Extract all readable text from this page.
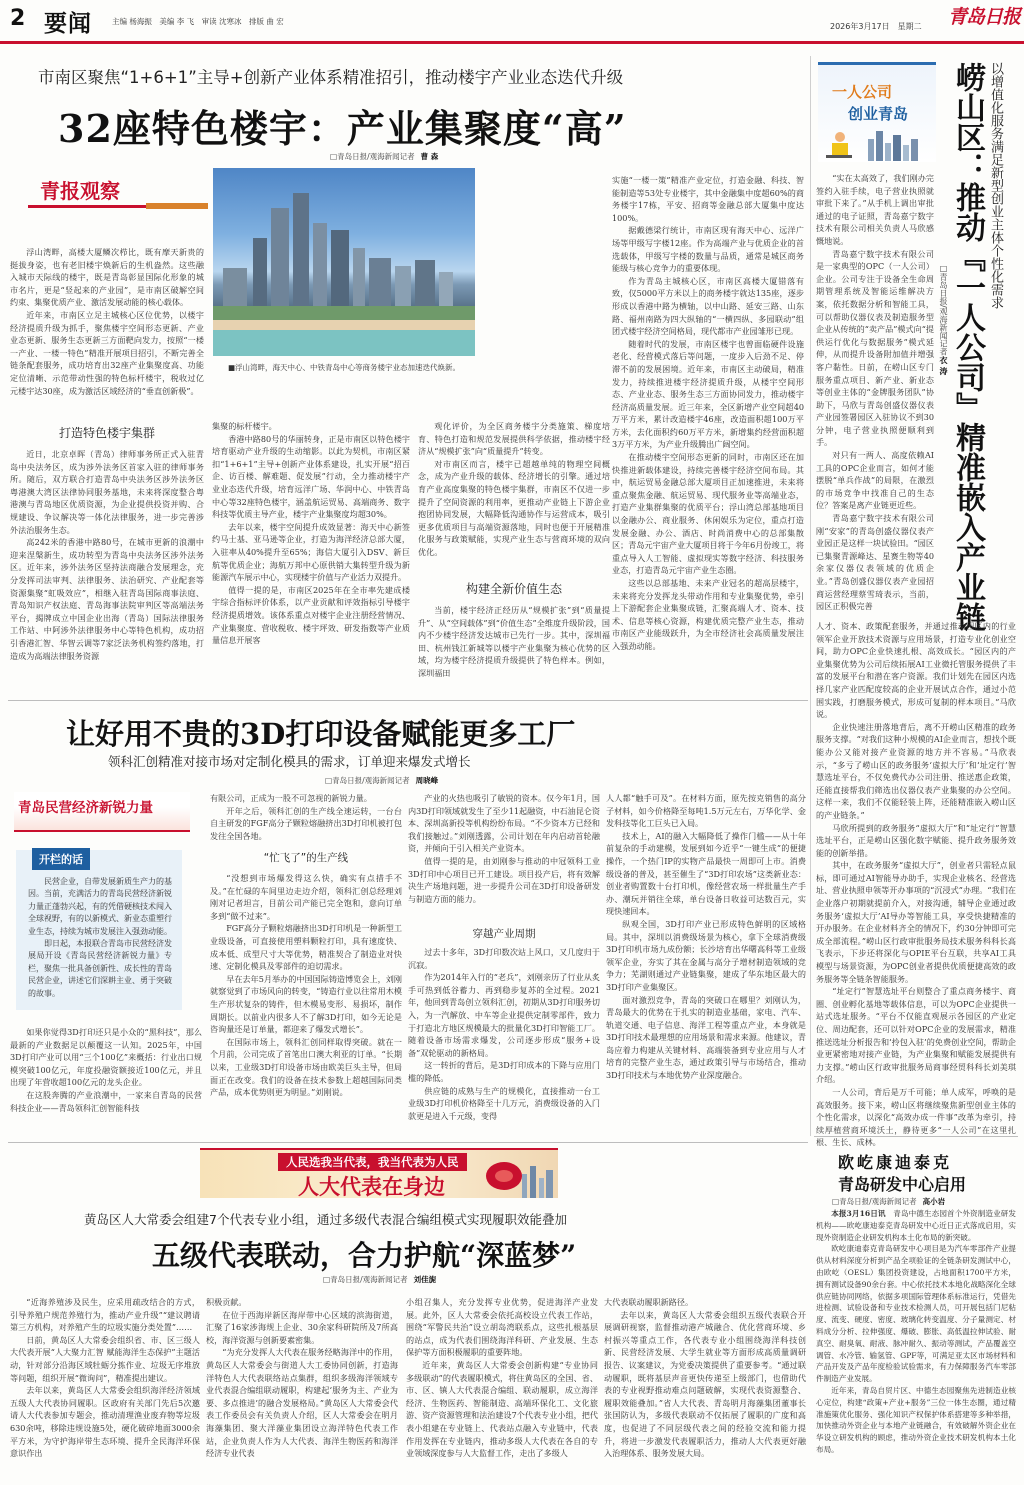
2 要闻	主编 杨海振　美编 李 飞　审读 沈寒冰　排版 曲 宏
2026年3月17日　星期二 青岛日报
市南区聚焦“1+6+1”主导+创新产业体系精准招引，推动楼宇产业业态迭代升级
32座特色楼宇：产业集聚度“高”
□青岛日报/观海新闻记者 曹 森
青报观察

浮山湾畔，高楼大厦鳞次栉比，既有摩天新贵的挺拔身姿，也有老旧楼宇焕新后的生机盎然。这些融入城市天际线的楼宇，既是青岛彰显国际化形象的城市名片，更是“竖起来的产业园”，是市南区破解空间约束、集聚优质产业、激活发展动能的核心载体。

近年来，市南区立足主城核心区位优势，以楼宇经济提质升级为抓手，聚焦楼宇空间形态更新、产业业态更新、服务生态更新三方面靶向发力，按照“一楼一产业、一楼一特色”精准开展项目招引，不断完善全链条配套服务，成功培育出32座产业集聚度高、功能定位清晰、示范带动性强的特色标杆楼宇，税收过亿元楼宇达30座，成为激活区域经济的“垂直创新极”。

打造特色楼宇集群

近日，北京卓晖（青岛）律师事务所正式入驻青岛中央法务区，成为涉外法务区首家入驻的律师事务所。随后，双方联合打造青岛中央法务区涉外法务区粤港澳大湾区法律协同服务基地，未来将深度整合粤港澳与青岛地区优质资源，为企业提供投资并购、合规建设、争议解决等一体化法律服务，进一步完善涉外法治服务生态。

高242米的香港中路80号，在城市更新的浪潮中迎来涅槃新生，成功转型为青岛中央法务区涉外法务区。近年来，涉外法务区坚持法商融合发展理念，充分发挥司法审判、法律服务、法治研究、产业配套等资源集聚“虹吸效应”，相继入驻青岛国际商事法庭、青岛知识产权法庭、青岛海事法院审判区等高端法务平台，揭牌成立中国企业出海（青岛）国际法律服务工作站、中阿涉外法律服务中心等特色机构，成功招引香港汇智、华智云调等7家泛法务机构签约落地，打造成为高端法律服务资源

■浮山湾畔，海天中心、中铁青岛中心等商务楼宇业态加速迭代焕新。

集聚的标杆楼宇。

香港中路80号的华丽转身，正是市南区以特色楼宇培育驱动产业升级的生动缩影。以此为契机，市南区紧扣“1+6+1”主导+创新产业体系建设，扎实开展“招百企、访百楼、解难题、促发展”行动，全力推动楼宇产业业态迭代升级，培育远洋广场、华润中心、中铁青岛中心等32座特色楼宇，涵盖航运贸易、高端商务、数字科技等优质主导产业，楼宇产业集聚度均超30%。

去年以来，楼宇空间提升成效显著：海天中心新签约马士基、亚马逊等企业，打造为海洋经济总部大厦，入驻率从40%提升至65%；海信大厦引入DSV、新巨航等优质企业；海航万邦中心原供销大集转型升级为新能源汽车展示中心，实现楼宇价值与产业活力双提升。

值得一提的是，市南区2025年在全市率先建成楼宇综合指标评价体系，以产业贡献和评效指标引导楼宇经济提质增效。该体系重点对楼宇企业注册经营情况、产业集聚度、营收税收、楼宇坪效、研发指数等产业质量信息开展客

观化评价，为全区商务楼宇分类施策、梯度培育、特色打造和规范发展提供科学依据，推动楼宇经济从“规模扩张”向“质量提升”转变。

对市南区而言，楼宇已超越单纯的物理空间概念，成为产业升级的载体、经济增长的引擎。通过培育产业高度集聚的特色楼宇集群，市南区不仅进一步提升了空间资源的利用率，更推动产业链上下游企业抱团协同发展，大幅降低沟通协作与运营成本，吸引更多优质项目与高端资源落地，同时也便于开展精准化服务与政策赋能，实现产业生态与营商环境的双向优化。

构建全新价值生态

当前，楼宇经济正经历从“规模扩张”到“质量提升”、从“空间载体”到“价值生态”全维度升级阶段，国内不少楼宇经济发达城市已先行一步。其中，深圳福田、杭州钱江新城等以楼宇产业集聚为核心优势的区域，均为楼宇经济提质升级提供了特色样本。例如，深圳福田

实施“一楼一策”精准产业定位，打造金融、科技、智能制造等53处专业楼宇，其中金融集中度超60%的商务楼宇17栋，平安、招商等金融总部大厦集中度达100%。

据戴德梁行统计，市南区现有海天中心、远洋广场等甲级写字楼12座。作为高端产业与优质企业的首选载体，甲级写字楼的数量与品质，通常是城区商务能级与核心竞争力的重要体现。

作为青岛主城核心区，市南区高楼大厦错落有致，仅5000平方米以上的商务楼宇就达135座，逐步形成以香港中路为横轴，以中山路、延安三路、山东路、福州南路为四大纵轴的“一横四纵、多园联动”组团式楼宇经济空间格局，现代都市产业园雏形已现。

随着时代的发展，市南区楼宇也曾面临硬件设施老化、经营模式落后等问题，一度步入后劲不足、停滞不前的发展困境。近年来，市南区主动破局，精准发力，持续推进楼宇经济提质升级，从楼宇空间形态、产业业态、服务生态三方面协同发力，推动楼宇经济高质量发展。近三年来，全区新增产业空间超40万平方米，累计改造楼宇46座，改造面积超100万平方米，去化面积约60万平方米，新增集约经营面积超3万平方米，为产业升级腾出广阔空间。

在推动楼宇空间形态更新的同时，市南区还在加快推进新载体建设，持续完善楼宇经济空间布局。其中，航运贸易金融总部大厦项目正加速推进，未来将重点聚焦金融、航运贸易、现代服务业等高端业态，打造产业集群集聚的优质平台；浮山湾总部基地项目以金融办公、商业服务、休闲娱乐为定位，重点打造发展金融、办公、酒店、时尚消费中心的总部集散区；青岛元宇宙产业大厦项目将于今年6月份竣工，将重点导入人工智能、虚拟现实等数字经济、科技服务业态，打造青岛元宇宙产业生态圈。

这些以总部基地、未来产业冠名的超高层楼宇，未来将充分发挥龙头带动作用和专业集聚优势，牵引上下游配套企业集聚成链，汇聚高端人才、资本、技术、信息等核心资源，构建优质完整产业生态，推动市南区产业能级跃升，为全市经济社会高质量发展注入强劲动能。

一人公司
创业青岛	以增值化服务满足新型创业主体个性化需求
崂山区：推动『一人公司』精准嵌入产业链
□青岛日报/观海新闻记者衣 涛

“实在太高效了，我们刚办完签约入驻手续，电子营业执照就审批下来了。”从手机上调出审批通过的电子证照，青岛嘉宁数字技术有限公司相关负责人马欣感慨地说。

青岛嘉宁数字技术有限公司是一家典型的OPC（一人公司）企业。公司专注于设备全生命周期管理系统及智能运维解决方案，依托数据分析和智能工具，可以帮助仪器仪表及制造服务型企业从传统的“卖产品”模式向“提供运行优化与数据服务”模式延伸，从而提升设备附加值并增强客户黏性。日前，在崂山区专门服务重点项目、新产业、新业态等创业主体的“金牌服务团队”协助下，马欣与青岛创盛仪器仪表产业园签署园区入驻协议不到30分钟，电子营业执照便顺利到手。

对只有一两人、高度依赖AI工具的OPC企业而言，如何才能摆脱“单兵作战”的局限，在激烈的市场竞争中找准自己的生态位？答案是离产业链更近些。

青岛嘉宁数字技术有限公司刚“安家”的青岛创盛仪器仪表产业园正是这样一块试验田。“园区已集聚青源峰达、星赛生物等40余家仪器仪表领域的优质企业。”青岛创盛仪器仪表产业园招商运营经理蔡雪琦表示，当前，园区正积极完善

人才、资本、政策配套服务，并通过推动园区内的行业领军企业开放技术资源与应用场景，打造专业化创业空间，助力OPC企业快速扎根、高效成长。“园区内的产业集聚优势为公司后续拓展AI工业微托管服务提供了丰富的发展平台和潜在客户资源。我们计划先在园区内选择几家产业匹配度较高的企业开展试点合作，通过小范围实践，打磨服务模式，形成可复制的样本项目。”马欣说。

企业快速注册落地背后，离不开崂山区精准的政务服务支撑。“对我们这种小规模的AI企业而言，想找个既能办公又能对接产业资源的地方并不容易。”马欣表示，“多亏了崂山区的政务服务‘虚拟大厅’和‘址定行’智慧选址平台，不仅免费代办公司注册、推送惠企政策，还能直接帮我们筛选出仪器仪表产业集聚的办公空间。这样一来，我们不仅能轻装上阵，还能精准嵌入崂山区的产业链条。”

马欣所提到的政务服务“虚拟大厅”和“址定行”智慧选址平台，正是崂山区强化数字赋能、提升政务服务效能的创新举措。

其中，在政务服务“虚拟大厅”，创业者只需轻点鼠标，即可通过AI智能导办助手，实现企业核名、经营选址、营业执照申领等开办事项的“沉浸式”办理。“我们在企业落户初期就提前介入，对接沟通，辅导企业通过政务服务‘虚拟大厅’AI导办等智能工具，享受快捷精准的开办服务。在企业材料齐全的情况下，约30分钟即可完成全部流程。”崂山区行政审批服务局技术服务科科长高飞表示，下步还将深化与OPIE平台互联，共享AI工具模型与场景资源，为OPC创业者提供优质便捷高效的政务服务等全链条智能服务。

“址定行”智慧选址平台则整合了重点商务楼宇、商圈、创业孵化基地等载体信息，可以为OPC企业提供一站式选址服务。“平台不仅能直观展示各园区的产业定位、周边配套，还可以针对OPC企业的发展需求，精准推送选址分析报告和‘拎包入驻’的免费创业空间，帮助企业更紧密地对接产业链，为产业集聚和赋能发展提供有力支撑。”崂山区行政审批服务局商事经贸科科长刘美琪介绍。

一人公司，背后是万千可能；单人成军，呼唤的是高效服务。接下来，崂山区将继续聚焦新型创业主体的个性化需求，以深化“高效办成一件事”改革为牵引，持续厚植营商环境沃土，静待更多“一人公司”在这里扎根、生长、成林。

让好用不贵的3D打印设备赋能更多工厂
领科汇创精准对接市场对定制化模具的需求，订单迎来爆发式增长
□青岛日报/观海新闻记者 周晓峰
青岛民营经济新锐力量
开栏的话

民营企业，自带发展新质生产力的基因。当前，充满活力的青岛民营经济新锐力量正蓬勃兴起，有的凭借硬核技术闯入全球视野，有的以新模式、新业态重塑行业生态，持续为城市发展注入强劲动能。

即日起，本报联合青岛市民营经济发展局开设《青岛民营经济新锐力量》专栏，聚焦一批具备创新性、成长性的青岛民营企业，讲述它们深耕主业、勇于突破的故事。

如果你觉得3D打印还只是小众的“黑科技”，那么最新的产业数据足以颠覆这一认知。2025年，中国3D打印产业可以用“三个100亿”来概括：行业出口规模突破100亿元，年度投融资额接近100亿元，并且出现了年营收超100亿元的龙头企业。

在这股奔腾的产业浪潮中，一家来自青岛的民营科技企业——青岛领科汇创智能科技

有限公司，正成为一股不可忽视的新锐力量。

开年之后，领科汇创的生产线全速运转，一台台自主研发的FGF高分子颗粒熔融挤出3D打印机被打包发往全国各地。

“忙飞了”的生产线

“没想到市场爆发得这么快，确实有点措手不及。”在忙碌的车间里边走边介绍，领科汇创总经理刘刚对记者坦言，目前公司产能已完全饱和，意向订单多到“做不过来”。

FGF高分子颗粒熔融挤出3D打印机是一种新型工业级设备，可直接使用塑料颗粒打印，具有速度快、成本低、成型尺寸大等优势，精准契合了制造业对快速、定制化模具及零部件的迫切需求。

早在去年5月举办的中国国际铸造博览会上，刘刚就察觉到了市场风向的转变，“铸造行业以往常用木模生产形状复杂的铸件，但木模易变形、易损坏，制作周期长。以前业内很多人不了解3D打印，如今无论是咨询量还是订单量，都迎来了爆发式增长”。

在国际市场上，领科汇创同样取得突破。就在一个月前，公司完成了首笔出口澳大利亚的订单。“长期以来，工业级3D打印设备市场由欧美巨头主导，但局面正在改变。我们的设备在技术参数上超越国际同类产品，成本优势则更为明显。”刘刚说。

产业的火热也吸引了敏锐的资本。仅今年1月，国内3D打印领域就发生了至少11起融资，中石油昆仑资本、深圳高新投等机构纷纷布局。“不少资本方已经和我们接触过。”刘刚透露，公司计划在年内启动首轮融资，并倾向于引入相关产业资本。

值得一提的是，由刘刚参与推动的中冠领科工业3D打印中心项目已开工建设。项目投产后，将有效解决生产场地问题，进一步提升公司在3D打印设备研发与制造方面的能力。

穿越产业周期

过去十多年，3D打印数次站上风口，又几度归于沉寂。

作为2014年入行的“老兵”，刘刚亲历了行业从炙手可热到低谷蓄力、再到稳步复苏的全过程。2021年，他回到青岛创立领科汇创，初期从3D打印服务切入，为一汽解放、中车等企业提供定制零部件，致力于打造北方地区规模最大的批量化3D打印智能工厂。随着设备市场需求爆发，公司逐步形成“服务+设备”双轮驱动的新格局。

这一转折的背后，是3D打印成本的下降与应用门槛的降低。

供应链的成熟与生产的规模化，直接推动一台工业级3D打印机价格降至十几万元，消费级设备的入门款更是进入千元级，变得

人人都“触手可及”。在材料方面，原先按克销售的高分子材料，如今价格降至每吨1.5万元左右，万华化学、金发科技等化工巨头已入局。

技术上，AI的融入大幅降低了操作门槛——从十年前复杂的手动建模，发展到如今近乎“一键生成”的便捷操作，一个热门IP的实物产品最快一周即可上市。消费级设备的普及，甚至催生了“3D打印农场”这类新业态：创业者购置数十台打印机，像经营农场一样批量生产手办、潮玩并销往全球，单台设备日收益可达数百元，实现快速回本。

纵观全国，3D打印产业已形成特色鲜明的区域格局。其中，深圳以消费级场景为核心，拿下全球消费级3D打印机市场九成份额；长沙培育出华曙高科等工业级领军企业，夯实了其在金属与高分子增材制造领域的竞争力；芜湖则通过产业链集聚，建成了华东地区最大的3D打印产业集聚区。

面对激烈竞争，青岛的突破口在哪里？刘刚认为，青岛最大的优势在于扎实的制造业基础，家电、汽车、轨道交通、电子信息、海洋工程等重点产业，本身就是3D打印技术最理想的应用场景和需求来源。他建议，青岛应着力构建从关键材料、高端装备到专业应用与人才培育的完整产业生态，通过政策引导与市场结合，推动3D打印技术与本地优势产业深度融合。

人民选我当代表，我当代表为人民
人大代表在身边
黄岛区人大常委会组建7个代表专业小组，通过多级代表混合编组模式实现履职效能叠加
五级代表联动，合力护航“深蓝梦”
□青岛日报/观海新闻记者 刘佳旎

“近海养殖涉及民生，应采用疏改结合的方式，引导养殖户规范养殖行为，推动产业升级”“建议聘请第三方机构，对养殖产生的垃圾实施分类处置”……

日前，黄岛区人大常委会组织省、市、区三级人大代表开展“人大聚力汇智 赋能海洋生态保护”主题活动，针对部分沿海区域牡蛎分拣作业、垃圾无序堆放等问题，组织开展“微询问”，精准提出建议。

去年以来，黄岛区人大常委会组织海洋经济领域五级人大代表协同履职。区政府有关部门先后5次邀请人大代表参加专题会，推动清理渔业废弃物等垃圾630余吨，移除违规设施5处，硬化破碎地面3000余平方米，为守护海岸带生态环境、提升全民海洋环保意识作出

积极贡献。

在位于西海岸新区海岸带中心区域的滨海街道，汇聚了16家涉海规上企业、30余家科研院所及7所高校，海洋资源与创新要素密集。

“为充分发挥人大代表在服务经略海洋中的作用，黄岛区人大常委会与街道人大工委协同创新，打造海洋特色人大代表联络站点集群，组织多级海洋领域专业代表混合编组联动履职，构建起‘服务为主、产业为要、多点推进’的融合发展格局。”黄岛区人大常委会代表工作委员会有关负责人介绍，区人大常委会在明月海藻集团、聚大洋藻业集团设立海洋特色代表工作站，企业负责人作为人大代表、海洋生物医药和海洋经济专业代表

小组召集人，充分发挥专业优势，促进海洋产业发展。此外，区人大常委会依托高校设立代表工作站，围绕“军警民共治”设立胡岛湾联系点，这些扎根基层的站点，成为代表们围绕海洋科研、产业发展、生态保护等方面积极履职的重要阵地。

近年来，黄岛区人大常委会创新构建“专业协同 多级联动”的代表履职模式，将住黄岛区的全国、省、市、区、镇人大代表混合编组、联动履职，成立海洋经济、生物医药、智能制造、高端环保化工、文化旅游、资产资源管理和法治建设7个代表专业小组，把代表小组建在专业链上、代表站点融入专业链中，代表作用发挥在专业链内，推动多级人大代表在各自的专业领域深度参与人大监督工作，走出了多级人

大代表联动履职新路径。

去年以来，黄岛区人大常委会组织五级代表联合开展调研视察，监督推动港产城融合、优化营商环境、乡村振兴等重点工作，各代表专业小组围绕海洋科技创新、民营经济发展、大学生就业等方面形成高质量调研报告、议案建议，为党委决策提供了重要参考。“通过联动履职，既将基层声音更快传递至上级部门，也借助代表的专业视野推动难点问题破解，实现代表资源整合、履职效能叠加。”省人大代表、青岛明月海藻集团董事长张国防认为，多级代表联动不仅拓展了履职的广度和高度，也促进了不同层级代表之间的经验交流和能力提升，将进一步激发代表履职活力，推动人大代表更好融入治理体系、服务发展大局。

欧屹康迪泰克
青岛研发中心启用
□青岛日报/观海新闻记者 高小岩

本报3月16日讯　 青岛中德生态园首个外资制造业研发机构——欧屹康迪泰克青岛研发中心近日正式落成启用，实现外资制造企业研发机构本土化布局的新突破。

欧屹康迪泰克青岛研发中心项目是为汽车零部件产业提供从材料深度分析到产品全项验证的全链条研发测试中心，由欧屹（OESL）集团投资建设，占地面积1700平方米，拥有测试设备90余台套。中心依托技术本地化战略深化全球供应链协同网络，依据多项国际管理体系标准运行，凭借先进检测、试验设备和专业技术检测人员，可开展包括门尼粘度、流变、硬度、密度、玻璃化转变温度、分子量测定、材料成分分析、拉伸强度、爆破、膨胀、高低温拉伸试验、耐真空、耐臭氧、耐液、脉冲耐久、振动等测试，产品覆盖空调管、水冷管、输氢管、GPF等，可满足亚太区市场材料和产品开发及产品年度检验试验需求，有力保障服务汽车零部件制造产业发展。

近年来，青岛自贸片区、中德生态园聚焦先进制造业核心定位，构建“政策+产业+服务”三位一体生态圈，通过精准施策优化服务、强化知识产权保护体系搭建等多种举措，加快推动外资企业与本地产业链融合，有效破解外资企业在华设立研发机构的顾虑，推动外资企业技术研发机构本土化布局。
